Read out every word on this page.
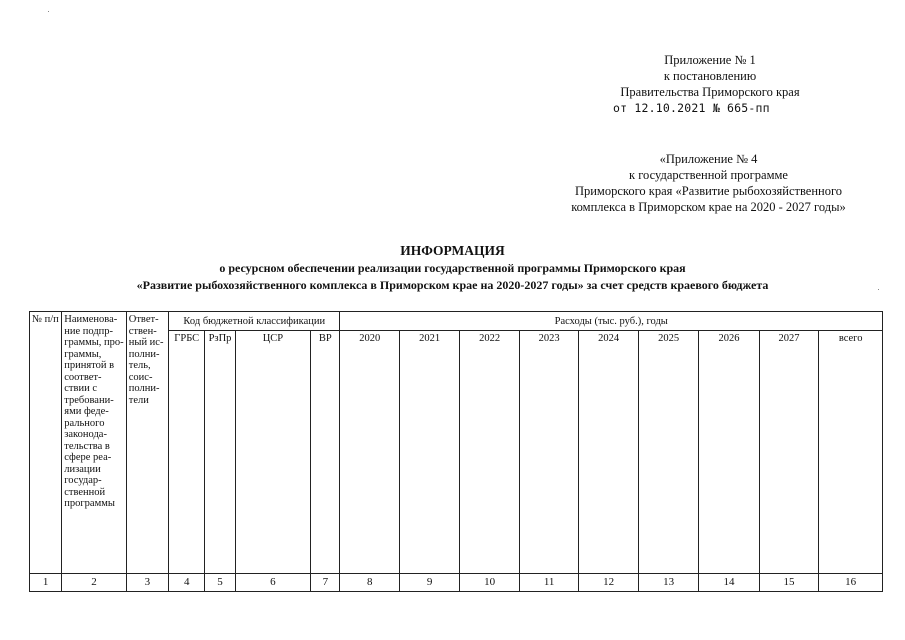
Приложение № 1
к постановлению
Правительства Приморского края
от 12.10.2021 № 665-пп
«Приложение № 4
к государственной программе
Приморского края «Развитие рыбохозяйственного
комплекса в Приморском крае на 2020 - 2027 годы»
ИНФОРМАЦИЯ
о ресурсном обеспечении реализации государственной программы Приморского края
«Развитие рыбохозяйственного комплекса в Приморском крае на 2020-2027 годы» за счет средств краевого бюджета
№ п/п	Наименова-ние подпр-граммы, про-граммы, принятой в соответ-ствии с требовани-ями феде-рального законода-тельства в сфере реа-лизации государ-ственной программы	Ответ-ствен-ный ис-полни-тель, соис-полни-тели	Код бюджетной классификации				Расходы (тыс. руб.), годы								
			ГРБС	РзПр	ЦСР	ВР	2020	2021	2022	2023	2024	2025	2026	2027	всего
1	2	3	4	5	6	7	8	9	10	11	12	13	14	15	16
